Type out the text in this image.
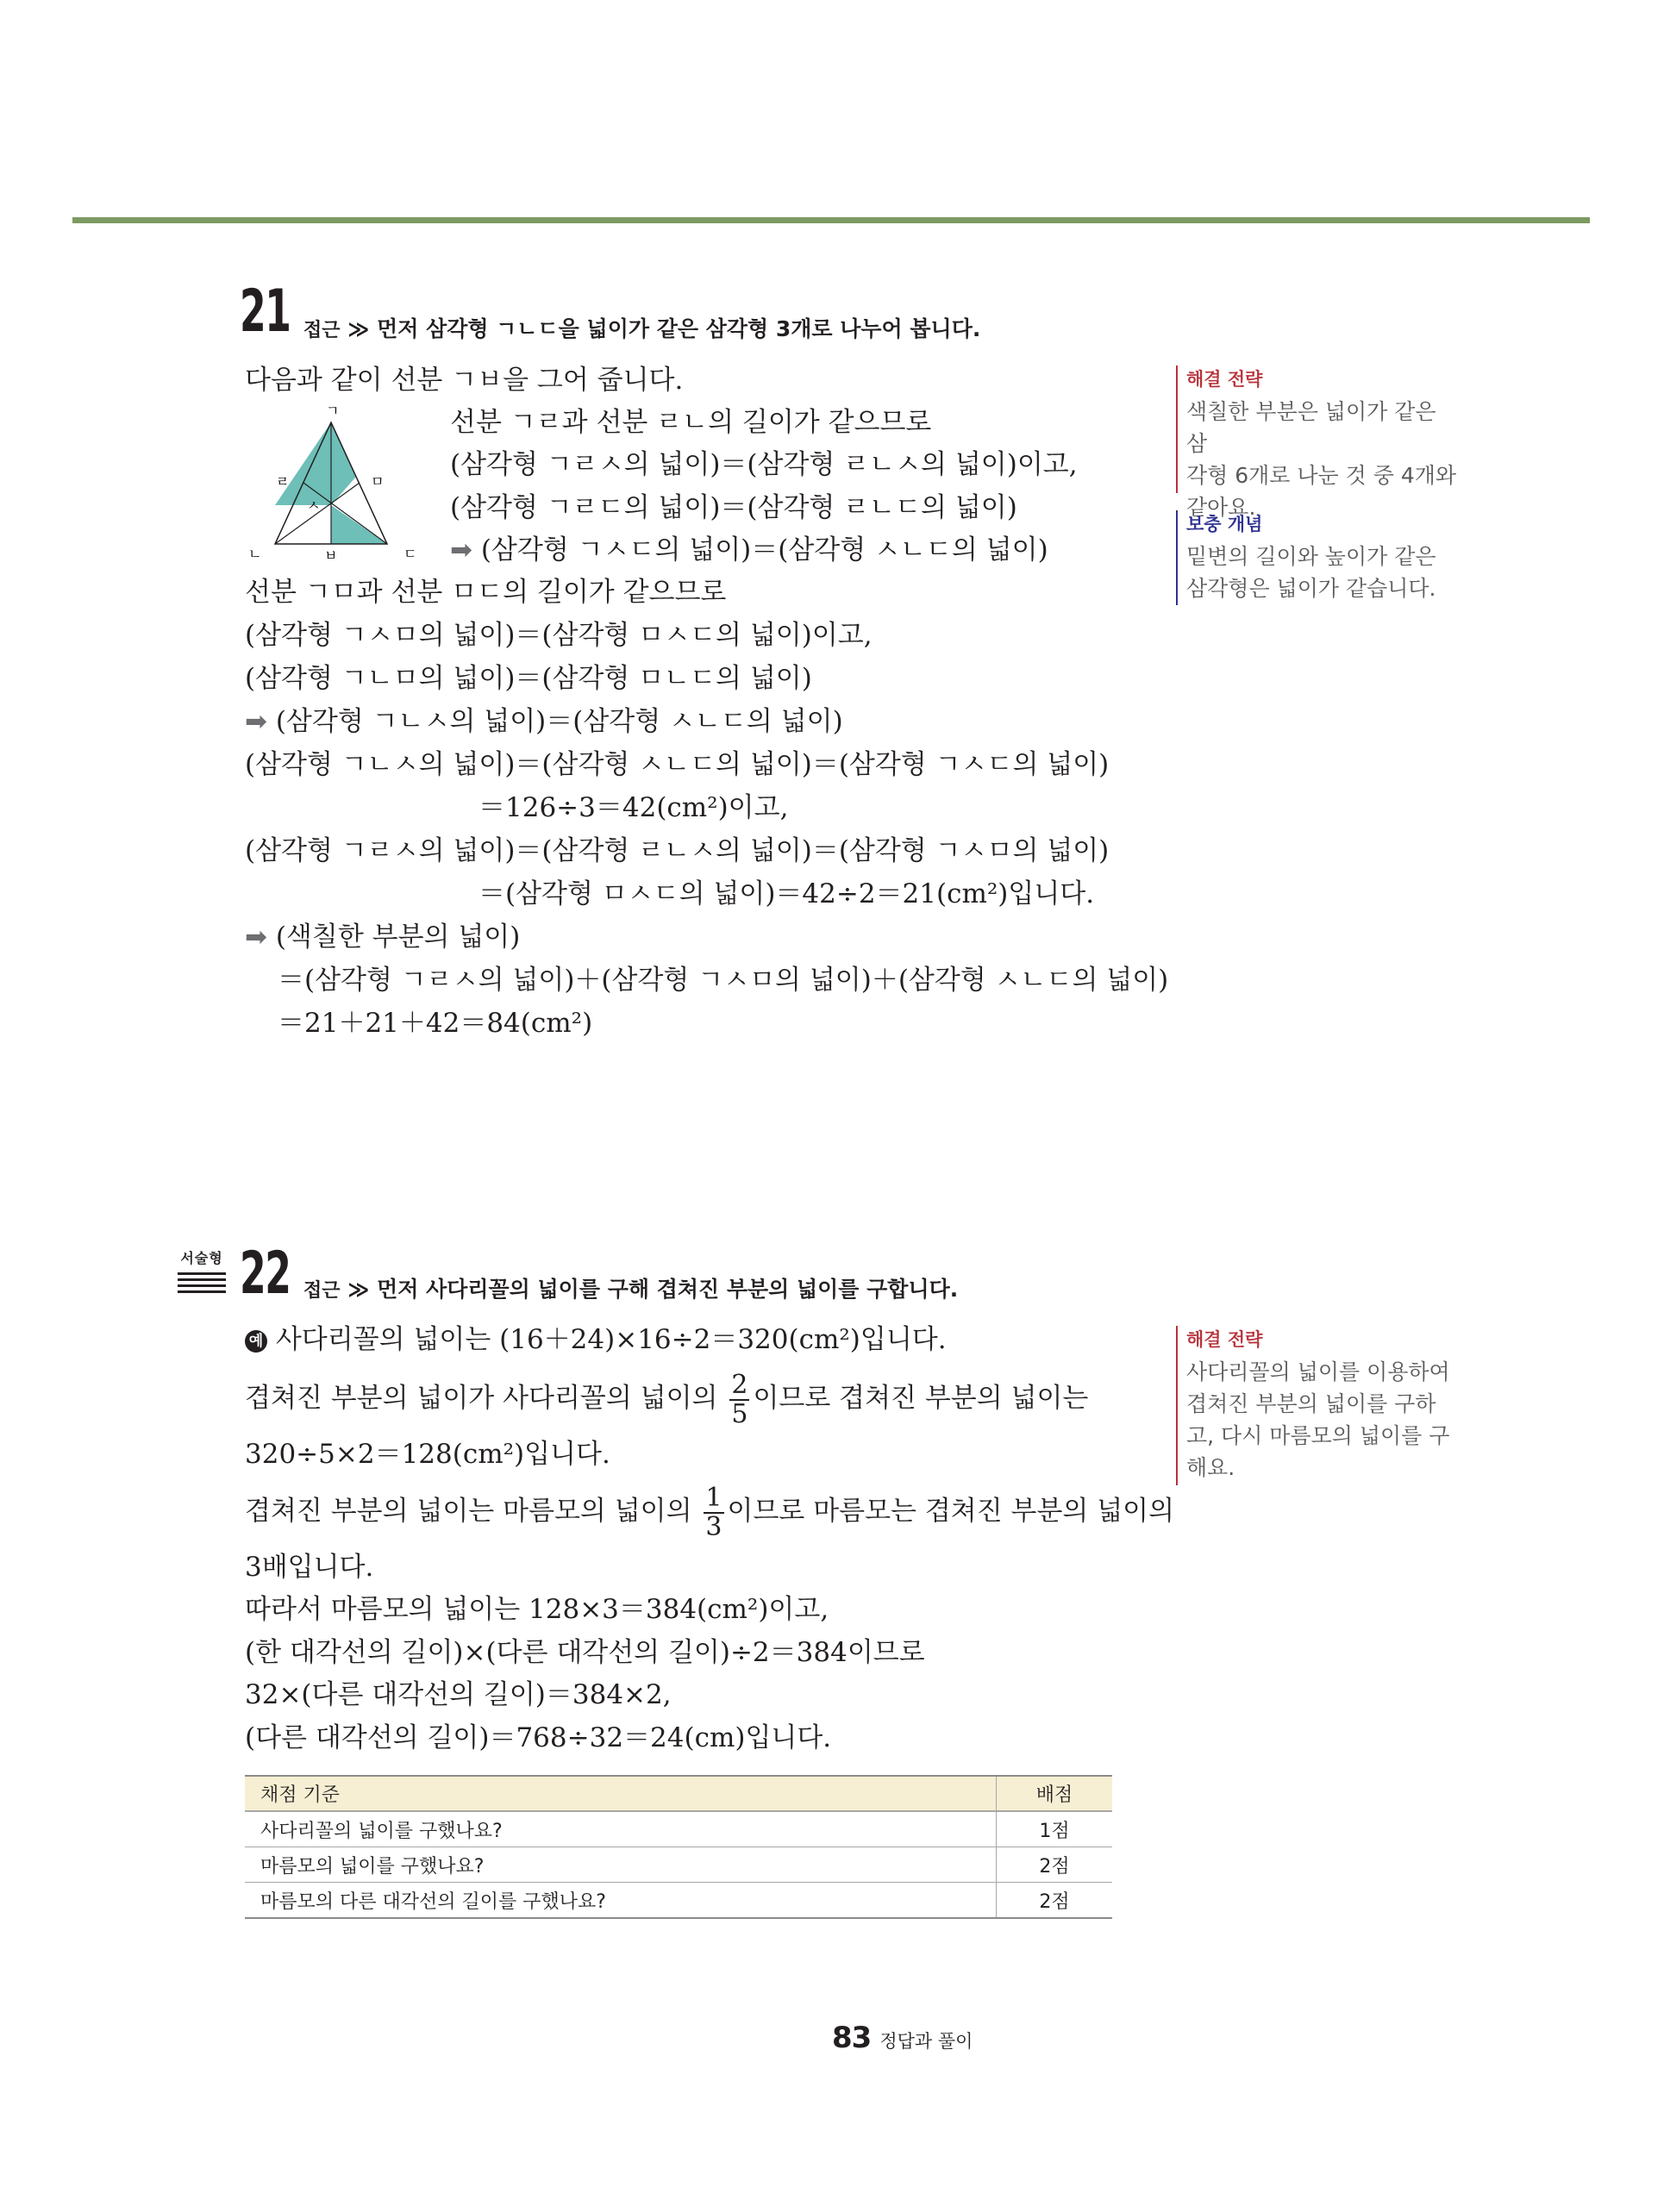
21 접근 ≫ 먼저 삼각형 ㄱㄴㄷ을 넓이가 같은 삼각형 3개로 나누어 봅니다.
ㄱ
ㄹ	ㅁ
ㅅ
ㄴ	ㅂ	ㄷ
다음과 같이 선분 ㄱㅂ을 그어 줍니다.
선분 ㄱㄹ과 선분 ㄹㄴ의 길이가 같으므로
(삼각형 ㄱㄹㅅ의 넓이)＝(삼각형 ㄹㄴㅅ의 넓이)이고,
(삼각형 ㄱㄹㄷ의 넓이)＝(삼각형 ㄹㄴㄷ의 넓이)
➡ (삼각형 ㄱㅅㄷ의 넓이)＝(삼각형 ㅅㄴㄷ의 넓이)
선분 ㄱㅁ과 선분 ㅁㄷ의 길이가 같으므로
(삼각형 ㄱㅅㅁ의 넓이)＝(삼각형 ㅁㅅㄷ의 넓이)이고,
(삼각형 ㄱㄴㅁ의 넓이)＝(삼각형 ㅁㄴㄷ의 넓이)
➡ (삼각형 ㄱㄴㅅ의 넓이)＝(삼각형 ㅅㄴㄷ의 넓이)
(삼각형 ㄱㄴㅅ의 넓이)＝(삼각형 ㅅㄴㄷ의 넓이)＝(삼각형 ㄱㅅㄷ의 넓이)
＝126÷3＝42(cm²)이고,
(삼각형 ㄱㄹㅅ의 넓이)＝(삼각형 ㄹㄴㅅ의 넓이)＝(삼각형 ㄱㅅㅁ의 넓이)
＝(삼각형 ㅁㅅㄷ의 넓이)＝42÷2＝21(cm²)입니다.
➡ (색칠한 부분의 넓이)
＝(삼각형 ㄱㄹㅅ의 넓이)＋(삼각형 ㄱㅅㅁ의 넓이)＋(삼각형 ㅅㄴㄷ의 넓이)
＝21＋21＋42＝84(cm²)
해결 전략
색칠한 부분은 넓이가 같은 삼
각형 6개로 나눈 것 중 4개와
같아요.
보충 개념
밑변의 길이와 높이가 같은
삼각형은 넓이가 같습니다.
서술형 22 접근 ≫ 먼저 사다리꼴의 넓이를 구해 겹쳐진 부분의 넓이를 구합니다.
예 사다리꼴의 넓이는 (16＋24)×16÷2＝320(cm²)입니다.
겹쳐진 부분의 넓이가 사다리꼴의 넓이의 $\frac{2}{5}$ 이므로 겹쳐진 부분의 넓이는
320÷5×2＝128(cm²)입니다.
겹쳐진 부분의 넓이는 마름모의 넓이의 $\frac{1}{3}$ 이므로 마름모는 겹쳐진 부분의 넓이의
3배입니다.
따라서 마름모의 넓이는 128×3＝384(cm²)이고,
(한 대각선의 길이)×(다른 대각선의 길이)÷2＝384이므로
32×(다른 대각선의 길이)＝384×2,
(다른 대각선의 길이)＝768÷32＝24(cm)입니다.
해결 전략
사다리꼴의 넓이를 이용하여
겹쳐진 부분의 넓이를 구하
고, 다시 마름모의 넓이를 구
해요.
채점 기준	배점
사다리꼴의 넓이를 구했나요?	1점
마름모의 넓이를 구했나요?	2점
마름모의 다른 대각선의 길이를 구했나요?	2점
83 정답과 풀이
